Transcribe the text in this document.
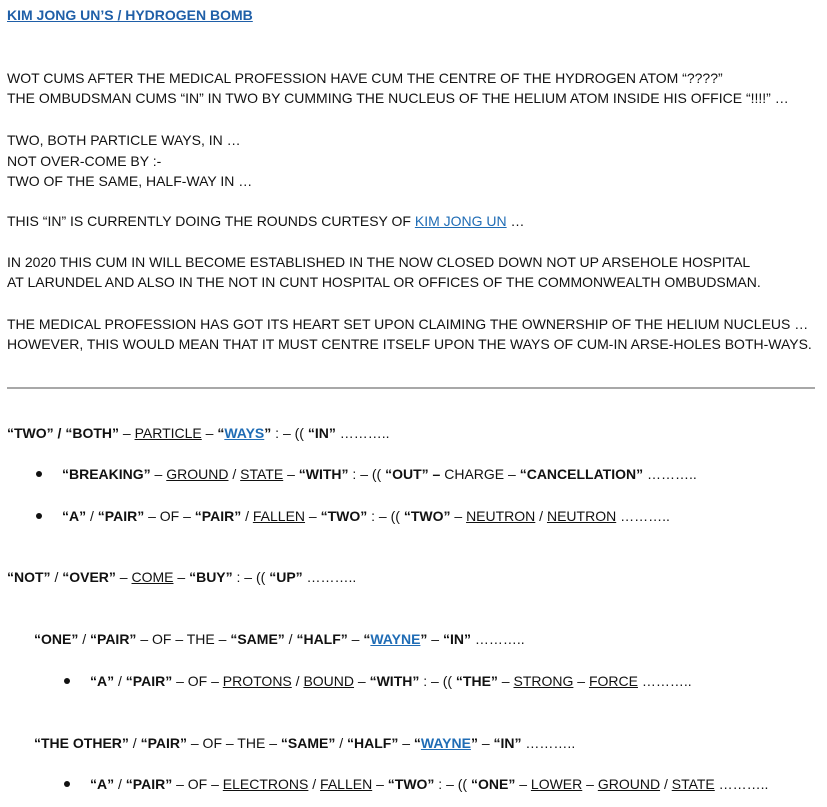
KIM JONG UN’S / HYDROGEN BOMB
WOT CUMS AFTER THE MEDICAL PROFESSION HAVE CUM THE CENTRE OF THE HYDROGEN ATOM “????”
THE OMBUDSMAN CUMS “IN” IN TWO BY CUMMING THE NUCLEUS OF THE HELIUM ATOM INSIDE HIS OFFICE “!!!!” …
TWO, BOTH PARTICLE WAYS, IN …
NOT OVER-COME BY :-
TWO OF THE SAME, HALF-WAY IN …
THIS “IN” IS CURRENTLY DOING THE ROUNDS CURTESY OF KIM JONG UN …
IN 2020 THIS CUM IN WILL BECOME ESTABLISHED IN THE NOW CLOSED DOWN NOT UP ARSEHOLE HOSPITAL
AT LARUNDEL AND ALSO IN THE NOT IN CUNT HOSPITAL OR OFFICES OF THE COMMONWEALTH OMBUDSMAN.
THE MEDICAL PROFESSION HAS GOT ITS HEART SET UPON CLAIMING THE OWNERSHIP OF THE HELIUM NUCLEUS …
HOWEVER, THIS WOULD MEAN THAT IT MUST CENTRE ITSELF UPON THE WAYS OF CUM-IN ARSE-HOLES BOTH-WAYS.
“TWO” / “BOTH” – PARTICLE – “WAYS” : – (( “IN” ………..
“BREAKING” – GROUND / STATE – “WITH” : – (( “OUT” – CHARGE – “CANCELLATION” ………..
“A” / “PAIR” – OF – “PAIR” / FALLEN – “TWO” : – (( “TWO” – NEUTRON / NEUTRON ………..
“NOT” / “OVER” – COME – “BUY” : – (( “UP” ………..
“ONE” / “PAIR” – OF – THE – “SAME” / “HALF” – “WAYNE” – “IN” ………..
“A” / “PAIR” – OF – PROTONS / BOUND – “WITH” : – (( “THE” – STRONG – FORCE ………..
“THE OTHER” / “PAIR” – OF – THE – “SAME” / “HALF” – “WAYNE” – “IN” ………..
“A” / “PAIR” – OF – ELECTRONS / FALLEN – “TWO” : – (( “ONE” – LOWER – GROUND / STATE ………..
